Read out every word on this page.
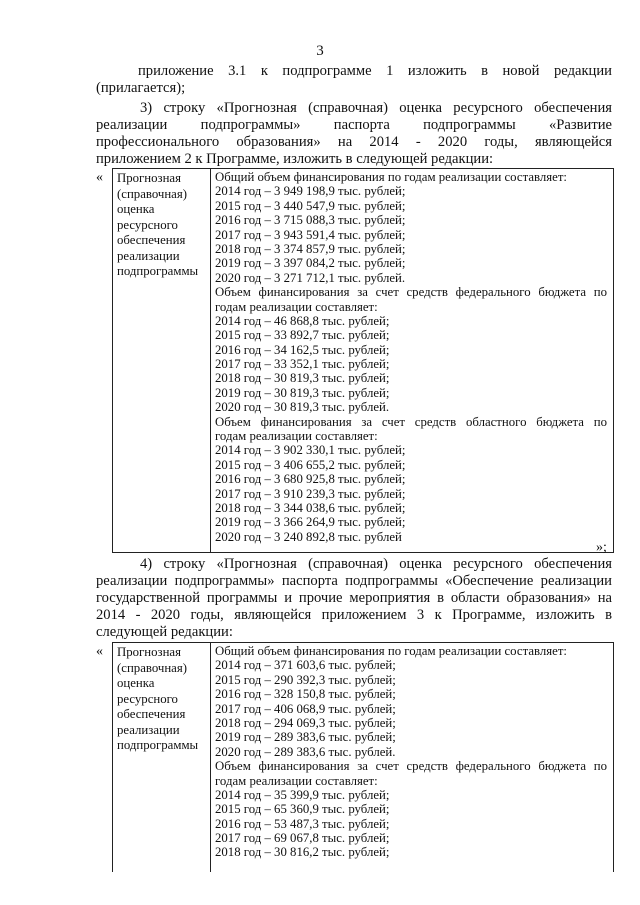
3
приложение 3.1 к подпрограмме 1 изложить в новой редакции
(прилагается);
3) строку «Прогнозная (справочная) оценка ресурсного обеспечения
реализации подпрограммы» паспорта подпрограммы «Развитие
профессионального образования» на 2014 - 2020 годы, являющейся
приложением 2 к Программе, изложить в следующей редакции:
« Прогнозная
(справочная)
оценка
ресурсного
обеспечения
реализации
подпрограммы
Общий объем финансирования по годам реализации составляет:
2014 год – 3 949 198,9 тыс. рублей;
2015 год – 3 440 547,9 тыс. рублей;
2016 год – 3 715 088,3 тыс. рублей;
2017 год – 3 943 591,4 тыс. рублей;
2018 год – 3 374 857,9 тыс. рублей;
2019 год – 3 397 084,2 тыс. рублей;
2020 год – 3 271 712,1 тыс. рублей.
Объем финансирования за счет средств федерального бюджета по
годам реализации составляет:
2014 год – 46 868,8 тыс. рублей;
2015 год – 33 892,7 тыс. рублей;
2016 год – 34 162,5 тыс. рублей;
2017 год – 33 352,1 тыс. рублей;
2018 год – 30 819,3 тыс. рублей;
2019 год – 30 819,3 тыс. рублей;
2020 год – 30 819,3 тыс. рублей.
Объем финансирования за счет средств областного бюджета по
годам реализации составляет:
2014 год – 3 902 330,1 тыс. рублей;
2015 год – 3 406 655,2 тыс. рублей;
2016 год – 3 680 925,8 тыс. рублей;
2017 год – 3 910 239,3 тыс. рублей;
2018 год – 3 344 038,6 тыс. рублей;
2019 год – 3 366 264,9 тыс. рублей;
2020 год – 3 240 892,8 тыс. рублей
»;
4) строку «Прогнозная (справочная) оценка ресурсного обеспечения
реализации подпрограммы» паспорта подпрограммы «Обеспечение реализации
государственной программы и прочие мероприятия в области образования» на
2014 - 2020 годы, являющейся приложением 3 к Программе, изложить в
следующей редакции:
« Прогнозная
(справочная)
оценка
ресурсного
обеспечения
реализации
подпрограммы
Общий объем финансирования по годам реализации составляет:
2014 год – 371 603,6 тыс. рублей;
2015 год – 290 392,3 тыс. рублей;
2016 год – 328 150,8 тыс. рублей;
2017 год – 406 068,9 тыс. рублей;
2018 год – 294 069,3 тыс. рублей;
2019 год – 289 383,6 тыс. рублей;
2020 год – 289 383,6 тыс. рублей.
Объем финансирования за счет средств федерального бюджета по
годам реализации составляет:
2014 год – 35 399,9 тыс. рублей;
2015 год – 65 360,9 тыс. рублей;
2016 год – 53 487,3 тыс. рублей;
2017 год – 69 067,8 тыс. рублей;
2018 год – 30 816,2 тыс. рублей;
